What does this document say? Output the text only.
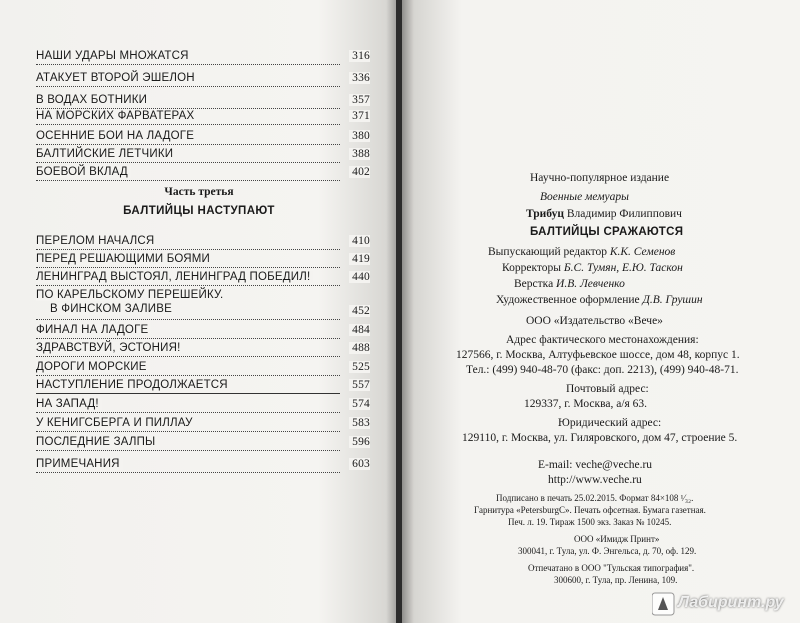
НАШИ УДАРЫ МНОЖАТСЯ	316
АТАКУЕТ ВТОРОЙ ЭШЕЛОН	336
В ВОДАХ БОТНИКИ	357
НА МОРСКИХ ФАРВАТЕРАХ	371
ОСЕННИЕ БОИ НА ЛАДОГЕ	380
БАЛТИЙСКИЕ ЛЕТЧИКИ	388
БОЕВОЙ ВКЛАД	402
Часть третья
БАЛТИЙЦЫ НАСТУПАЮТ
ПЕРЕЛОМ НАЧАЛСЯ	410
ПЕРЕД РЕШАЮЩИМИ БОЯМИ	419
ЛЕНИНГРАД ВЫСТОЯЛ, ЛЕНИНГРАД ПОБЕДИЛ!	440
ПО КАРЕЛЬСКОМУ ПЕРЕШЕЙКУ.
В ФИНСКОМ ЗАЛИВЕ	452
ФИНАЛ НА ЛАДОГЕ	484
ЗДРАВСТВУЙ, ЭСТОНИЯ!	488
ДОРОГИ МОРСКИЕ	525
НАСТУПЛЕНИЕ ПРОДОЛЖАЕТСЯ	557
НА ЗАПАД!	574
У КЕНИГСБЕРГА И ПИЛЛАУ	583
ПОСЛЕДНИЕ ЗАЛПЫ	596
ПРИМЕЧАНИЯ	603
Научно-популярное издание
Военные мемуары
Трибуц Владимир Филиппович
БАЛТИЙЦЫ СРАЖАЮТСЯ
Выпускающий редактор К.К. Семенов
Корректоры Б.С. Тумян, Е.Ю. Таскон
Верстка И.В. Левченко
Художественное оформление Д.В. Грушин
ООО «Издательство «Вече»
Адрес фактического местонахождения:
127566, г. Москва, Алтуфьевское шоссе, дом 48, корпус 1.
Тел.: (499) 940-48-70 (факс: доп. 2213), (499) 940-48-71.
Почтовый адрес:
129337, г. Москва, а/я 63.
Юридический адрес:
129110, г. Москва, ул. Гиляровского, дом 47, строение 5.
E-mail: veche@veche.ru
http://www.veche.ru
Подписано в печать 25.02.2015. Формат 84×108 ¹⁄₃₂.
Гарнитура «PetersburgC». Печать офсетная. Бумага газетная.
Печ. л. 19. Тираж 1500 экз. Заказ № 10245.
ООО «Имидж Принт»
300041, г. Тула, ул. Ф. Энгельса, д. 70, оф. 129.
Отпечатано в ООО "Тульская типография".
300600, г. Тула, пр. Ленина, 109.
Лабиринт.ру
